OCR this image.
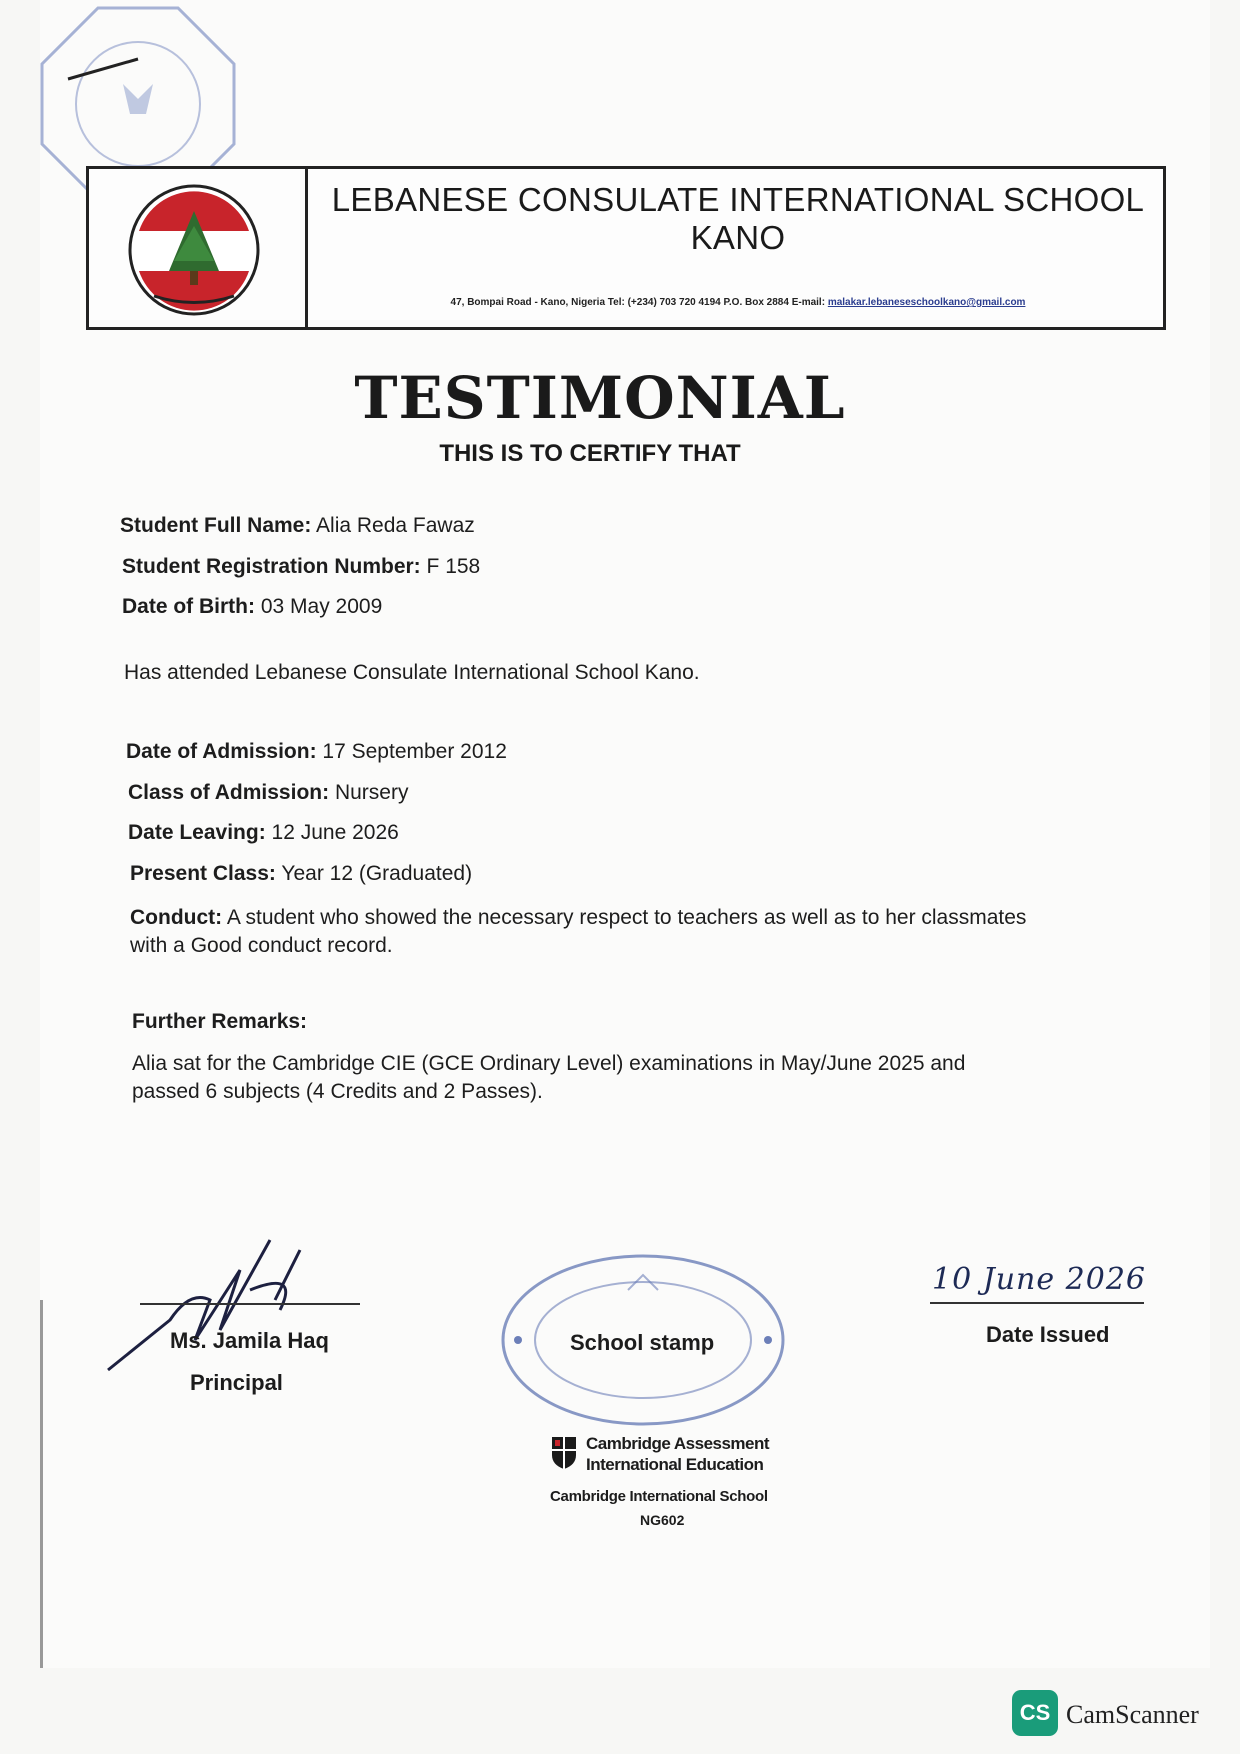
LEBANESE CONSULATE INTERNATIONAL SCHOOL
KANO
47, Bompai Road - Kano, Nigeria Tel: (+234) 703 720 4194 P.O. Box 2884 E-mail: malakar.lebaneseschoolkano@gmail.com
TESTIMONIAL
THIS IS TO CERTIFY THAT
Student Full Name: Alia Reda Fawaz
Student Registration Number: F 158
Date of Birth: 03 May 2009
Has attended Lebanese Consulate International School Kano.
Date of Admission: 17 September 2012
Class of Admission: Nursery
Date Leaving: 12 June 2026
Present Class: Year 12 (Graduated)
Conduct: A student who showed the necessary respect to teachers as well as to her classmates
with a Good conduct record.
Further Remarks:
Alia sat for the Cambridge CIE (GCE Ordinary Level) examinations in May/June 2025 and
passed 6 subjects (4 Credits and 2 Passes).
Ms. Jamila Haq
Principal
School stamp
Cambridge Assessment
International Education
Cambridge International School
NG602
10 June 2026
Date Issued
CS CamScanner
